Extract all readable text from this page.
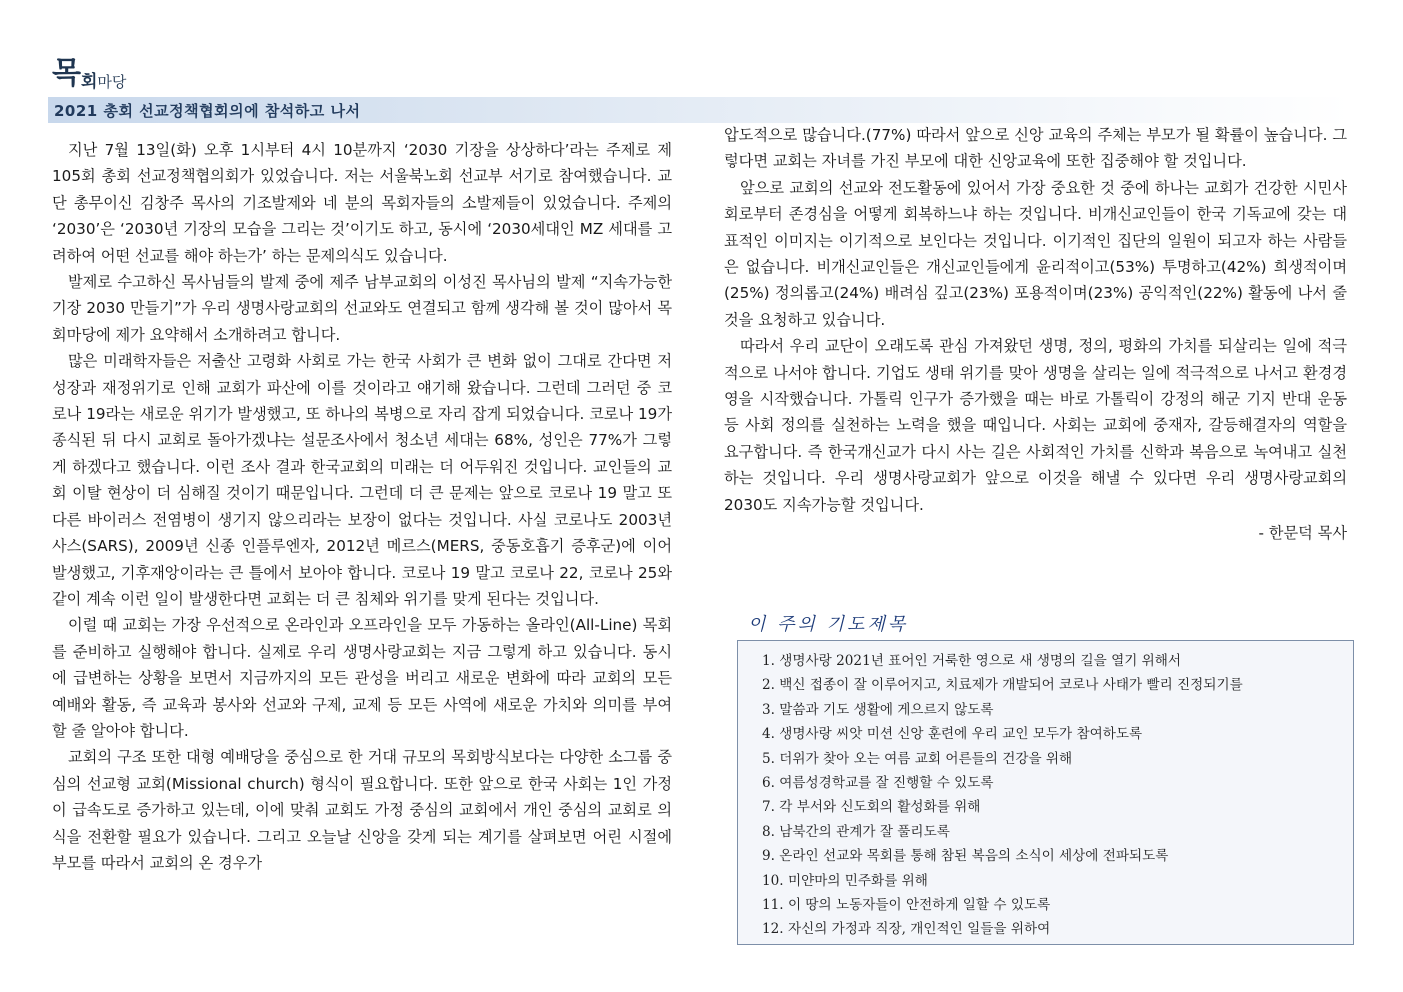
목회마당
2021 총회 선교정책협회의에 참석하고 나서

지난 7월 13일(화) 오후 1시부터 4시 10분까지 ‘2030 기장을 상상하다’라는 주제로 제105회 총회 선교정책협의회가 있었습니다. 저는 서울북노회 선교부 서기로 참여했습니다. 교단 총무이신 김창주 목사의 기조발제와 네 분의 목회자들의 소발제들이 있었습니다. 주제의 ‘2030’은 ‘2030년 기장의 모습을 그리는 것’이기도 하고, 동시에 ‘2030세대인 MZ 세대를 고려하여 어떤 선교를 해야 하는가’ 하는 문제의식도 있습니다.

발제로 수고하신 목사님들의 발제 중에 제주 남부교회의 이성진 목사님의 발제 “지속가능한 기장 2030 만들기”가 우리 생명사랑교회의 선교와도 연결되고 함께 생각해 볼 것이 많아서 목회마당에 제가 요약해서 소개하려고 합니다.

많은 미래학자들은 저출산 고령화 사회로 가는 한국 사회가 큰 변화 없이 그대로 간다면 저성장과 재정위기로 인해 교회가 파산에 이를 것이라고 얘기해 왔습니다. 그런데 그러던 중 코로나 19라는 새로운 위기가 발생했고, 또 하나의 복병으로 자리 잡게 되었습니다. 코로나 19가 종식된 뒤 다시 교회로 돌아가겠냐는 설문조사에서 청소년 세대는 68%, 성인은 77%가 그렇게 하겠다고 했습니다. 이런 조사 결과 한국교회의 미래는 더 어두워진 것입니다. 교인들의 교회 이탈 현상이 더 심해질 것이기 때문입니다. 그런데 더 큰 문제는 앞으로 코로나 19 말고 또 다른 바이러스 전염병이 생기지 않으리라는 보장이 없다는 것입니다. 사실 코로나도 2003년 사스(SARS), 2009년 신종 인플루엔자, 2012년 메르스(MERS, 중동호흡기 증후군)에 이어 발생했고, 기후재앙이라는 큰 틀에서 보아야 합니다. 코로나 19 말고 코로나 22, 코로나 25와 같이 계속 이런 일이 발생한다면 교회는 더 큰 침체와 위기를 맞게 된다는 것입니다.

이럴 때 교회는 가장 우선적으로 온라인과 오프라인을 모두 가동하는 올라인(All-Line) 목회를 준비하고 실행해야 합니다. 실제로 우리 생명사랑교회는 지금 그렇게 하고 있습니다. 동시에 급변하는 상황을 보면서 지금까지의 모든 관성을 버리고 새로운 변화에 따라 교회의 모든 예배와 활동, 즉 교육과 봉사와 선교와 구제, 교제 등 모든 사역에 새로운 가치와 의미를 부여할 줄 알아야 합니다.

교회의 구조 또한 대형 예배당을 중심으로 한 거대 규모의 목회방식보다는 다양한 소그룹 중심의 선교형 교회(Missional church) 형식이 필요합니다. 또한 앞으로 한국 사회는 1인 가정이 급속도로 증가하고 있는데, 이에 맞춰 교회도 가정 중심의 교회에서 개인 중심의 교회로 의식을 전환할 필요가 있습니다. 그리고 오늘날 신앙을 갖게 되는 계기를 살펴보면 어린 시절에 부모를 따라서 교회의 온 경우가

압도적으로 많습니다.(77%) 따라서 앞으로 신앙 교육의 주체는 부모가 될 확률이 높습니다. 그렇다면 교회는 자녀를 가진 부모에 대한 신앙교육에 또한 집중해야 할 것입니다.

앞으로 교회의 선교와 전도활동에 있어서 가장 중요한 것 중에 하나는 교회가 건강한 시민사회로부터 존경심을 어떻게 회복하느냐 하는 것입니다. 비개신교인들이 한국 기독교에 갖는 대표적인 이미지는 이기적으로 보인다는 것입니다. 이기적인 집단의 일원이 되고자 하는 사람들은 없습니다. 비개신교인들은 개신교인들에게 윤리적이고(53%) 투명하고(42%) 희생적이며(25%) 정의롭고(24%) 배려심 깊고(23%) 포용적이며(23%) 공익적인(22%) 활동에 나서 줄 것을 요청하고 있습니다.

따라서 우리 교단이 오래도록 관심 가져왔던 생명, 정의, 평화의 가치를 되살리는 일에 적극적으로 나서야 합니다. 기업도 생태 위기를 맞아 생명을 살리는 일에 적극적으로 나서고 환경경영을 시작했습니다. 가톨릭 인구가 증가했을 때는 바로 가톨릭이 강정의 해군 기지 반대 운동 등 사회 정의를 실천하는 노력을 했을 때입니다. 사회는 교회에 중재자, 갈등해결자의 역할을 요구합니다. 즉 한국개신교가 다시 사는 길은 사회적인 가치를 신학과 복음으로 녹여내고 실천하는 것입니다. 우리 생명사랑교회가 앞으로 이것을 해낼 수 있다면 우리 생명사랑교회의 2030도 지속가능할 것입니다.

- 한문덕 목사

이 주의 기도제목
1. 생명사랑 2021년 표어인 거룩한 영으로 새 생명의 길을 열기 위해서
2. 백신 접종이 잘 이루어지고, 치료제가 개발되어 코로나 사태가 빨리 진정되기를
3. 말씀과 기도 생활에 게으르지 않도록
4. 생명사랑 씨앗 미션 신앙 훈련에 우리 교인 모두가 참여하도록
5. 더위가 찾아 오는 여름 교회 어른들의 건강을 위해
6. 여름성경학교를 잘 진행할 수 있도록
7. 각 부서와 신도회의 활성화를 위해
8. 남북간의 관계가 잘 풀리도록
9. 온라인 선교와 목회를 통해 참된 복음의 소식이 세상에 전파되도록
10. 미얀마의 민주화를 위해
11. 이 땅의 노동자들이 안전하게 일할 수 있도록
12. 자신의 가정과 직장, 개인적인 일들을 위하여
